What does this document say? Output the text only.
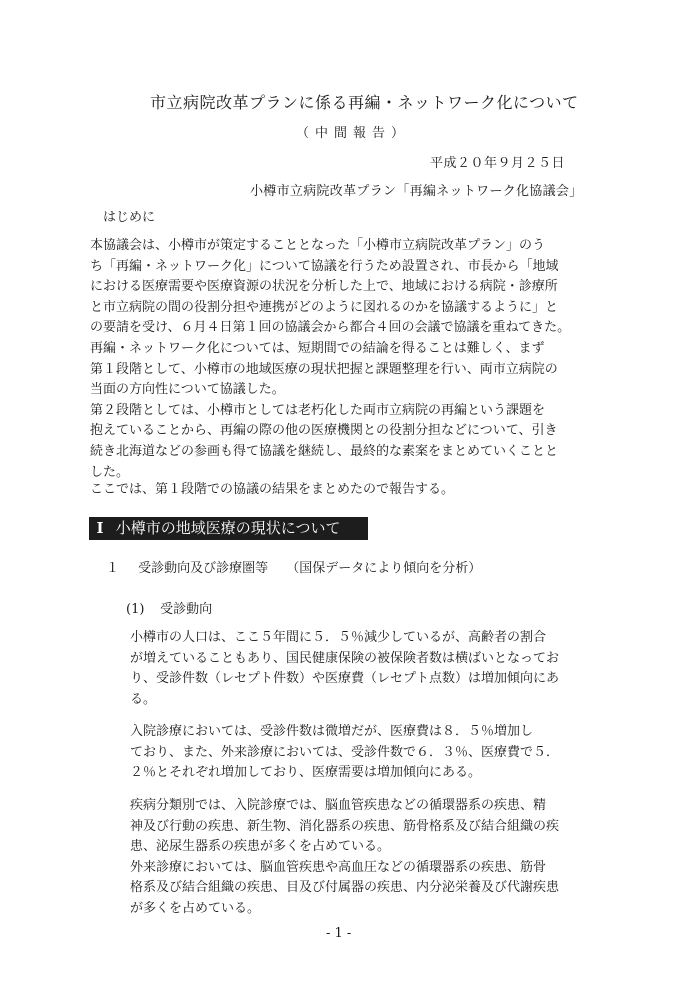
市立病院改革プランに係る再編・ネットワーク化について
（中間報告）
平成２０年９月２５日
小樽市立病院改革プラン「再編ネットワーク化協議会」
はじめに

本協議会は、小樽市が策定することとなった「小樽市立病院改革プラン」のう

ち「再編・ネットワーク化」について協議を行うため設置され、市長から「地域

における医療需要や医療資源の状況を分析した上で、地域における病院・診療所

と市立病院の間の役割分担や連携がどのように図れるのかを協議するように」と

の要請を受け、６月４日第１回の協議会から都合４回の会議で協議を重ねてきた。

再編・ネットワーク化については、短期間での結論を得ることは難しく、まず

第１段階として、小樽市の地域医療の現状把握と課題整理を行い、両市立病院の

当面の方向性について協議した。

第２段階としては、小樽市としては老朽化した両市立病院の再編という課題を

抱えていることから、再編の際の他の医療機関との役割分担などについて、引き

続き北海道などの参画も得て協議を継続し、最終的な素案をまとめていくことと

した。

ここでは、第１段階での協議の結果をまとめたので報告する。

I 小樽市の地域医療の現状について
１ 受診動向及び診療圏等 （国保データにより傾向を分析）
(1) 受診動向

小樽市の人口は、ここ５年間に５．５％減少しているが、高齢者の割合

が増えていることもあり、国民健康保険の被保険者数は横ばいとなってお

り、受診件数（レセプト件数）や医療費（レセプト点数）は増加傾向にあ

る。

入院診療においては、受診件数は微増だが、医療費は８．５％増加し

ており、また、外来診療においては、受診件数で６．３％、医療費で５．

２％とそれぞれ増加しており、医療需要は増加傾向にある。

疾病分類別では、入院診療では、脳血管疾患などの循環器系の疾患、精

神及び行動の疾患、新生物、消化器系の疾患、筋骨格系及び結合組織の疾

患、泌尿生器系の疾患が多くを占めている。

外来診療においては、脳血管疾患や高血圧などの循環器系の疾患、筋骨

格系及び結合組織の疾患、目及び付属器の疾患、内分泌栄養及び代謝疾患

が多くを占めている。

- 1 -
